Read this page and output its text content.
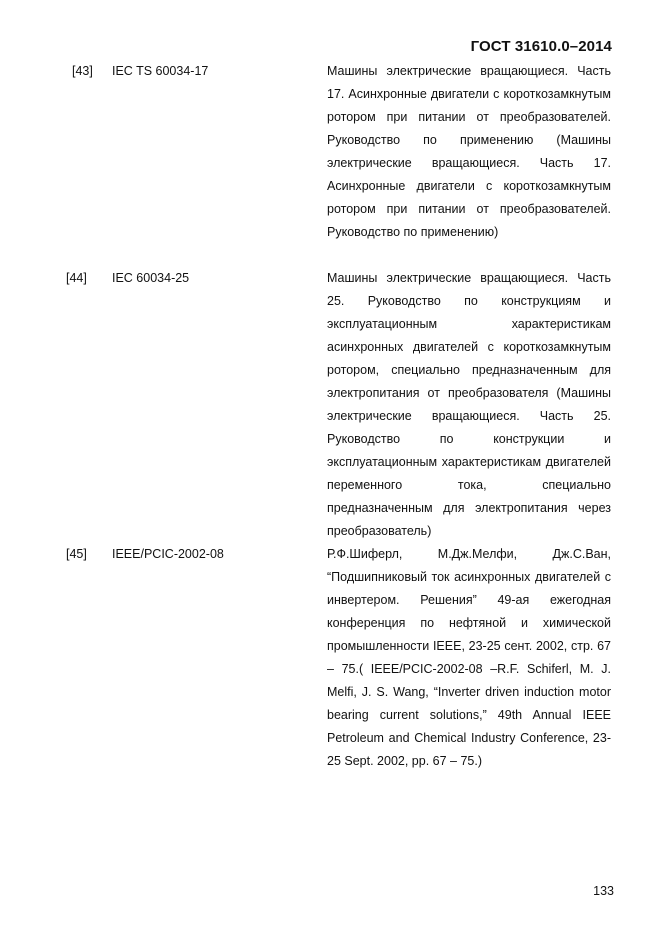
ГОСТ 31610.0–2014
[43]	IEC TS 60034-17	Машины электрические вращающиеся. Часть 17. Асинхронные двигатели с короткозамкнутым ротором при питании от преобразователей. Руководство по применению (Машины электрические вращающиеся. Часть 17. Асинхронные двигатели с короткозамкнутым ротором при питании от преобразователей. Руководство по применению)

[44]	IEC 60034-25	Машины электрические вращающиеся. Часть 25. Руководство по конструкциям и эксплуатационным характеристикам асинхронных двигателей с короткозамкнутым ротором, специально предназначенным для электропитания от преобразователя (Машины электрические вращающиеся. Часть 25. Руководство по конструкции и эксплуатационным характеристикам двигателей переменного тока, специально предназначенным для электропитания через преобразователь)

[45]	IEEE/PCIC-2002-08	Р.Ф.Шиферл, М.Дж.Мелфи, Дж.С.Ван, “Подшипниковый ток асинхронных двигателей с инвертером. Решения” 49-ая ежегодная конференция по нефтяной и химической промышленности IEEE, 23-25 сент. 2002, стр. 67 – 75.( IEEE/PCIC-2002-08 –R.F. Schiferl, M. J. Melfi, J. S. Wang, “Inverter driven induction motor bearing current solutions,” 49th Annual IEEE Petroleum and Chemical Industry Conference, 23-25 Sept. 2002, pp. 67 – 75.)

133
